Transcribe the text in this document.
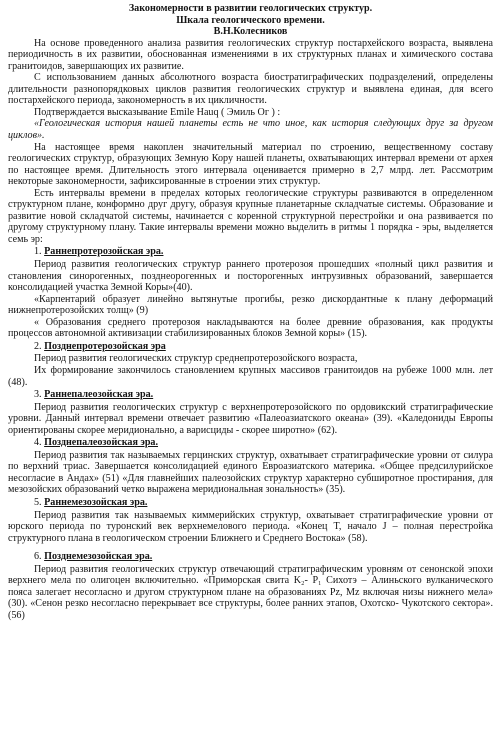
Закономерности в развитии геологических структур.
Шкала геологического времени.
В.Н.Колесников

На основе проведенного анализа развития геологических структур постархейского возраста, выявлена периодичность в их развитии, обоснованная изменениями в их структурных планах и химического состава гранитоидов, завершающих их развитие.

С использованием данных абсолютного возраста биостратиграфических подразделений, определены длительности разнопорядковых циклов развития геологических структур и выявлена единая, для всего постархейского периода, закономерность в их цикличности.

Подтверждается высказывание Emile Hauq ( Эмиль Ог ) :

«Геологическая история нашей планеты есть не что иное, как история следующих друг за другом циклов».

На настоящее время накоплен значительный материал по строению, вещественному составу геологических структур, образующих Земную Кору нашей планеты, охватывающих интервал времени от архея по настоящее время. Длительность этого интервала оценивается примерно в 2,7 млрд. лет. Рассмотрим некоторые закономерности, зафиксированные в строении этих структур.

Есть интервалы времени в пределах которых геологические структуры развиваются в определенном структурном плане, конформно друг другу, образуя крупные планетарные складчатые системы. Образование и развитие новой складчатой системы, начинается с коренной структурной перестройки и она развивается по другому структурному плану. Такие интервалы времени можно выделить в ритмы 1 порядка - эры, выделяется семь эр:

1. Раннепротерозойская эра.

Период развития геологических структур раннего протерозоя прошедших «полный цикл развития и становления синорогенных, позднеорогенных и посторогенных интрузивных образований, завершается консолидацией участка Земной Коры»(40).

«Карпентарий образует линейно вытянутые прогибы, резко дискордантные к плану деформаций нижнепротерозойских толщ» (9)

« Образования среднего протерозоя накладываются на более древние образования, как продукты процессов автономной активизации стабилизированных блоков Земной коры» (15).

2. Позднепротерозойская эра

Период развития геологических структур среднепротерозойского возраста,

Их формирование закончилось становлением крупных массивов гранитоидов на рубеже 1000 млн. лет (48).

3. Раннепалеозойская эра.

Период развития геологических структур с верхнепротерозойского по ордовикский стратиграфические уровни. Данный интервал времени отвечает развитию «Палеоазиатского океана» (39). «Каледониды Европы ориентированы скорее меридионально, а варисциды - скорее широтно» (62).

4. Позднепалеозойская эра.

Период развития так называемых герцинских структур, охватывает стратиграфические уровни от силура по верхний триас. Завершается консолидацией единого Евроазиатского материка. «Общее предсилурийское несогласие в Андах» (51) «Для главнейших палеозойских структур характерно субширотное простирания, для мезозойских образований четко выражена меридиональная зональность» (35).

5. Раннемезозойская эра.

Период развития так называемых киммерийских структур, охватывает стратиграфические уровни от юрского периода по туронский век верхнемелового периода. «Конец T, начало J – полная перестройка структурного плана в геологическом строении Ближнего и Среднего Востока» (58).

6. Позднемезозойская эра.

Период развития геологических структур отвечающий стратиграфическим уровням от сенонской эпохи верхнего мела по олигоцен включительно. «Приморская свита K₂- P₁ Сихотэ – Алиньского вулканического пояса залегает несогласно и другом структурном плане на образованиях Pz, Mz включая низы нижнего мела» (30). «Сенон резко несогласно перекрывает все структуры, более ранних этапов, Охотско- Чукотского сектора».(56)
